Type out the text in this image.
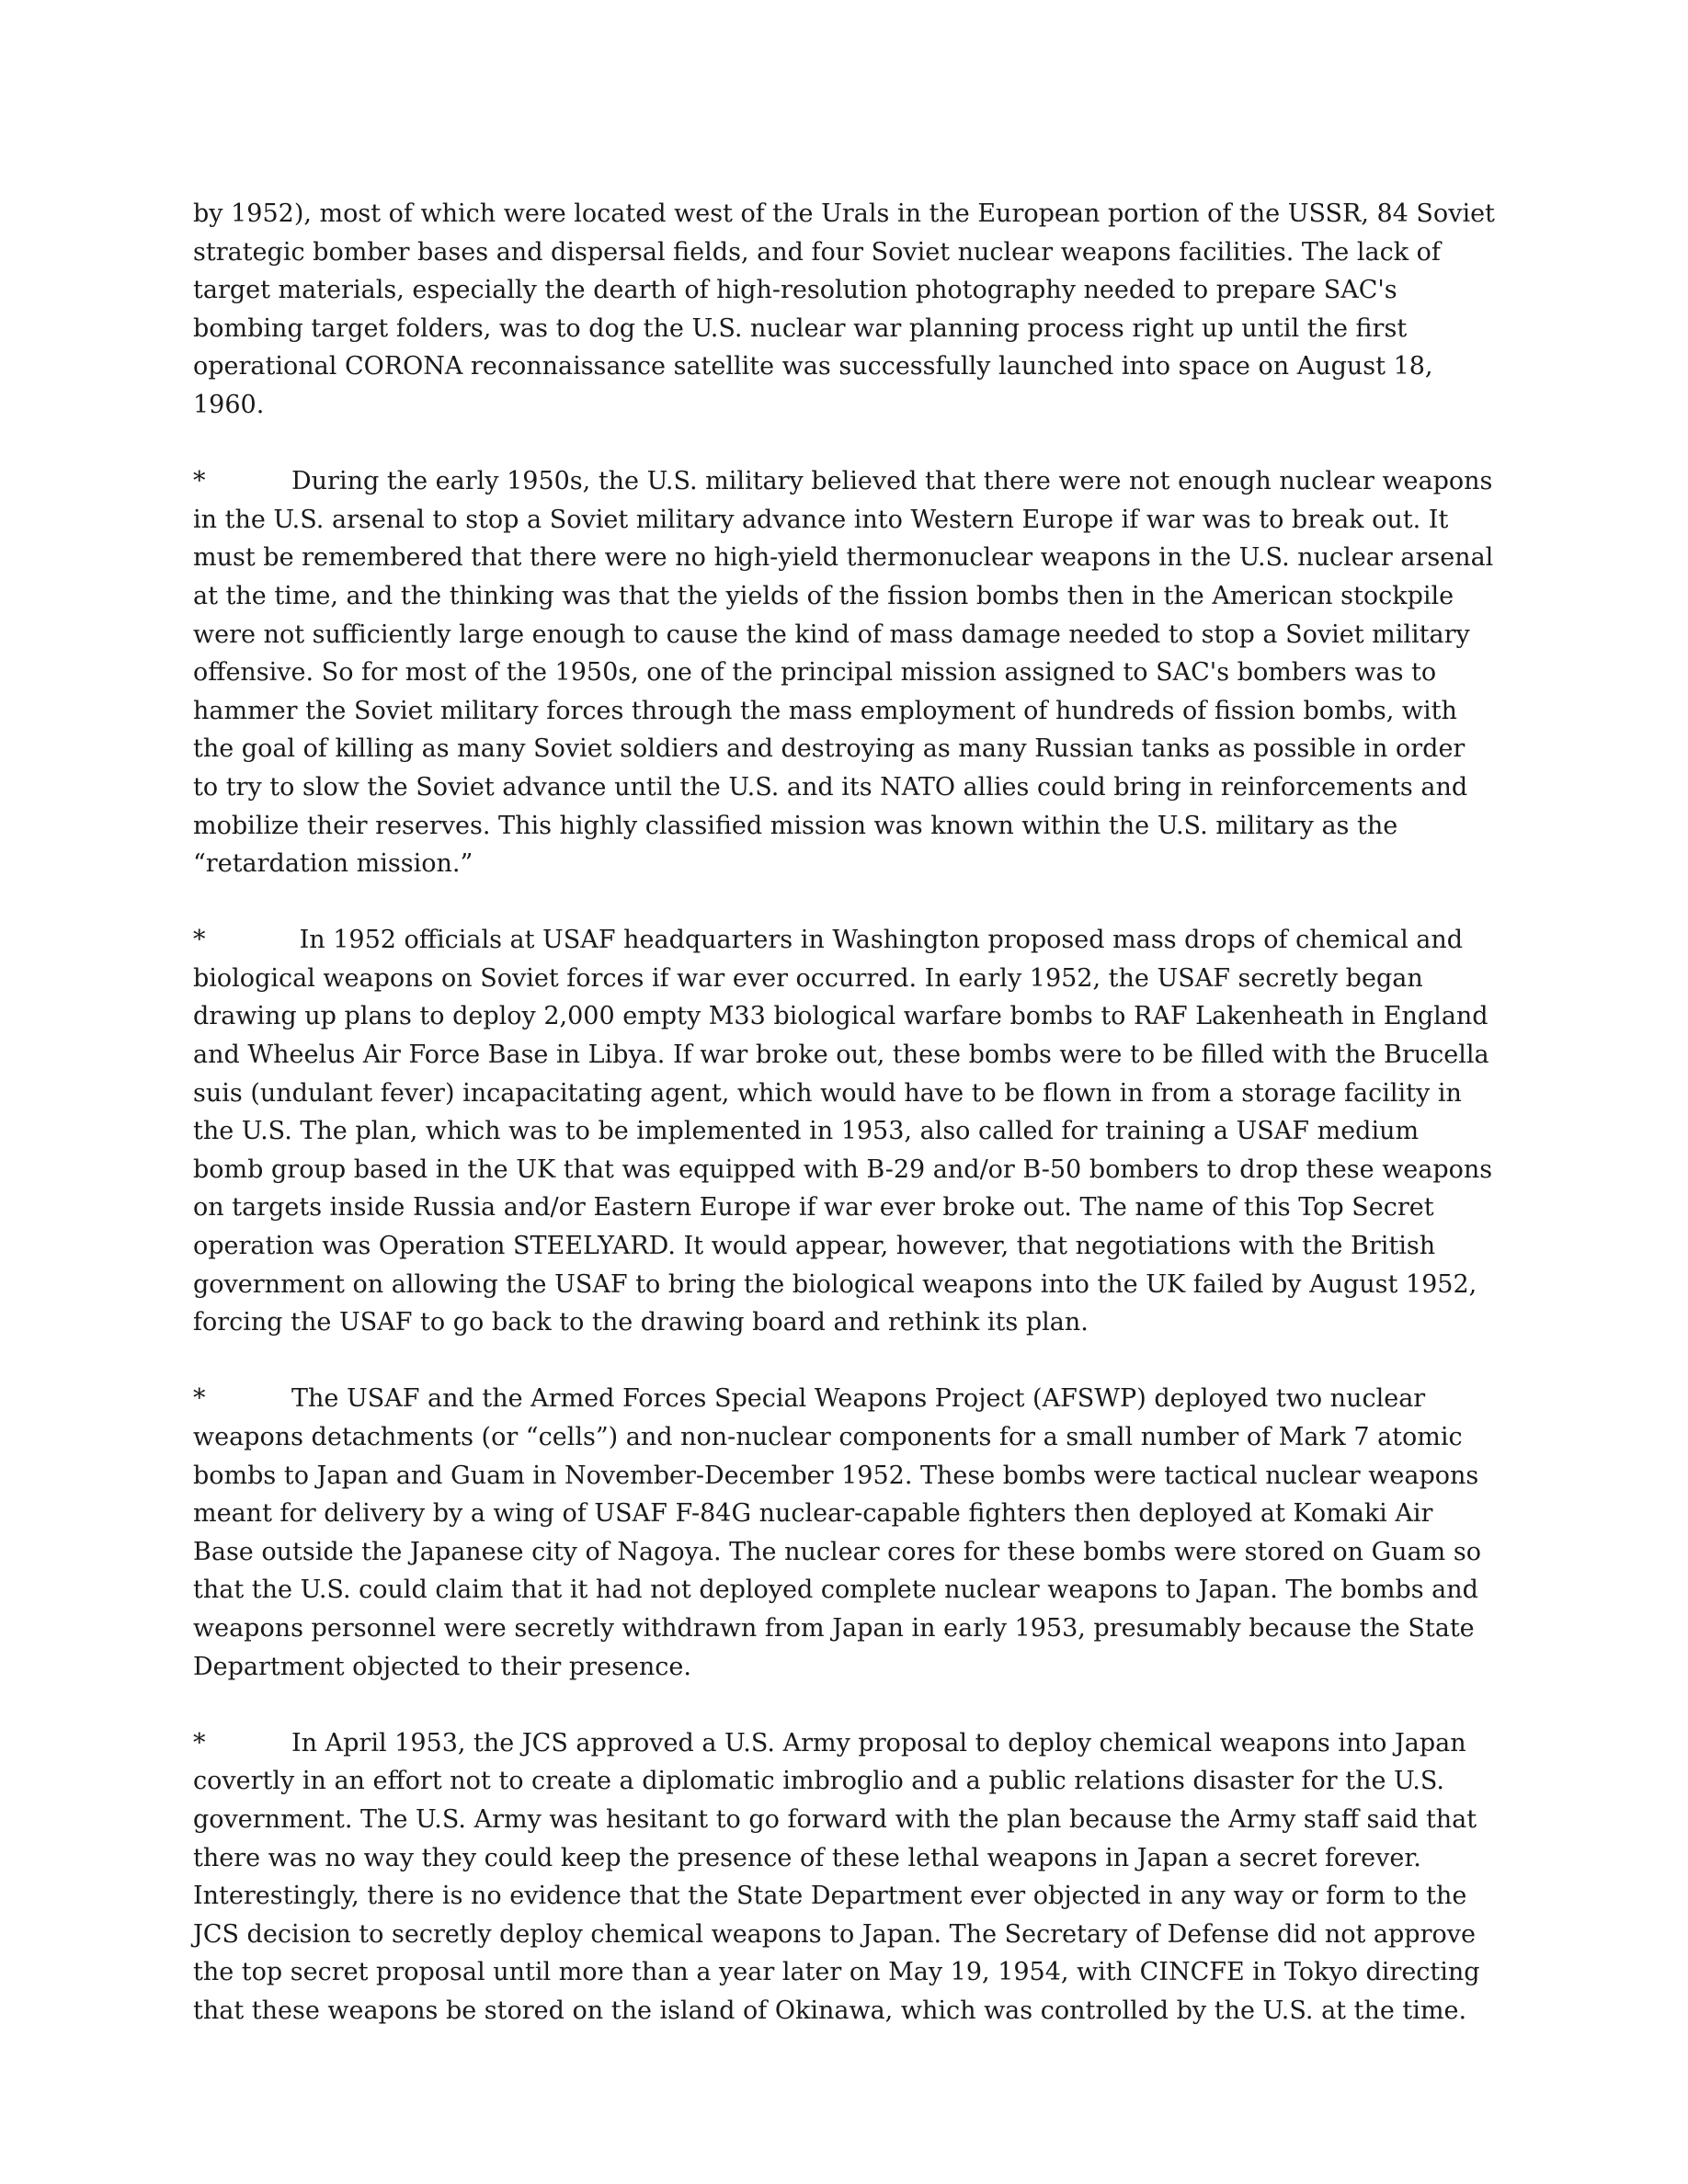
by 1952), most of which were located west of the Urals in the European portion of the USSR, 84 Soviet strategic bomber bases and dispersal fields, and four Soviet nuclear weapons facilities. The lack of target materials, especially the dearth of high-resolution photography needed to prepare SAC's bombing target folders, was to dog the U.S. nuclear war planning process right up until the first operational CORONA reconnaissance satellite was successfully launched into space on August 18, 1960.

*	During the early 1950s, the U.S. military believed that there were not enough nuclear weapons in the U.S. arsenal to stop a Soviet military advance into Western Europe if war was to break out. It must be remembered that there were no high-yield thermonuclear weapons in the U.S. nuclear arsenal at the time, and the thinking was that the yields of the fission bombs then in the American stockpile were not sufficiently large enough to cause the kind of mass damage needed to stop a Soviet military offensive. So for most of the 1950s, one of the principal mission assigned to SAC's bombers was to hammer the Soviet military forces through the mass employment of hundreds of fission bombs, with the goal of killing as many Soviet soldiers and destroying as many Russian tanks as possible in order to try to slow the Soviet advance until the U.S. and its NATO allies could bring in reinforcements and mobilize their reserves. This highly classified mission was known within the U.S. military as the “retardation mission.”

*	In 1952 officials at USAF headquarters in Washington proposed mass drops of chemical and biological weapons on Soviet forces if war ever occurred. In early 1952, the USAF secretly began drawing up plans to deploy 2,000 empty M33 biological warfare bombs to RAF Lakenheath in England and Wheelus Air Force Base in Libya. If war broke out, these bombs were to be filled with the Brucella suis (undulant fever) incapacitating agent, which would have to be flown in from a storage facility in the U.S. The plan, which was to be implemented in 1953, also called for training a USAF medium bomb group based in the UK that was equipped with B-29 and/or B-50 bombers to drop these weapons on targets inside Russia and/or Eastern Europe if war ever broke out. The name of this Top Secret operation was Operation STEELYARD. It would appear, however, that negotiations with the British government on allowing the USAF to bring the biological weapons into the UK failed by August 1952, forcing the USAF to go back to the drawing board and rethink its plan.

*	The USAF and the Armed Forces Special Weapons Project (AFSWP) deployed two nuclear weapons detachments (or “cells”) and non-nuclear components for a small number of Mark 7 atomic bombs to Japan and Guam in November-December 1952. These bombs were tactical nuclear weapons meant for delivery by a wing of USAF F-84G nuclear-capable fighters then deployed at Komaki Air Base outside the Japanese city of Nagoya. The nuclear cores for these bombs were stored on Guam so that the U.S. could claim that it had not deployed complete nuclear weapons to Japan. The bombs and weapons personnel were secretly withdrawn from Japan in early 1953, presumably because the State Department objected to their presence.

*	In April 1953, the JCS approved a U.S. Army proposal to deploy chemical weapons into Japan covertly in an effort not to create a diplomatic imbroglio and a public relations disaster for the U.S. government. The U.S. Army was hesitant to go forward with the plan because the Army staff said that there was no way they could keep the presence of these lethal weapons in Japan a secret forever. Interestingly, there is no evidence that the State Department ever objected in any way or form to the JCS decision to secretly deploy chemical weapons to Japan. The Secretary of Defense did not approve the top secret proposal until more than a year later on May 19, 1954, with CINCFE in Tokyo directing that these weapons be stored on the island of Okinawa, which was controlled by the U.S. at the time.
